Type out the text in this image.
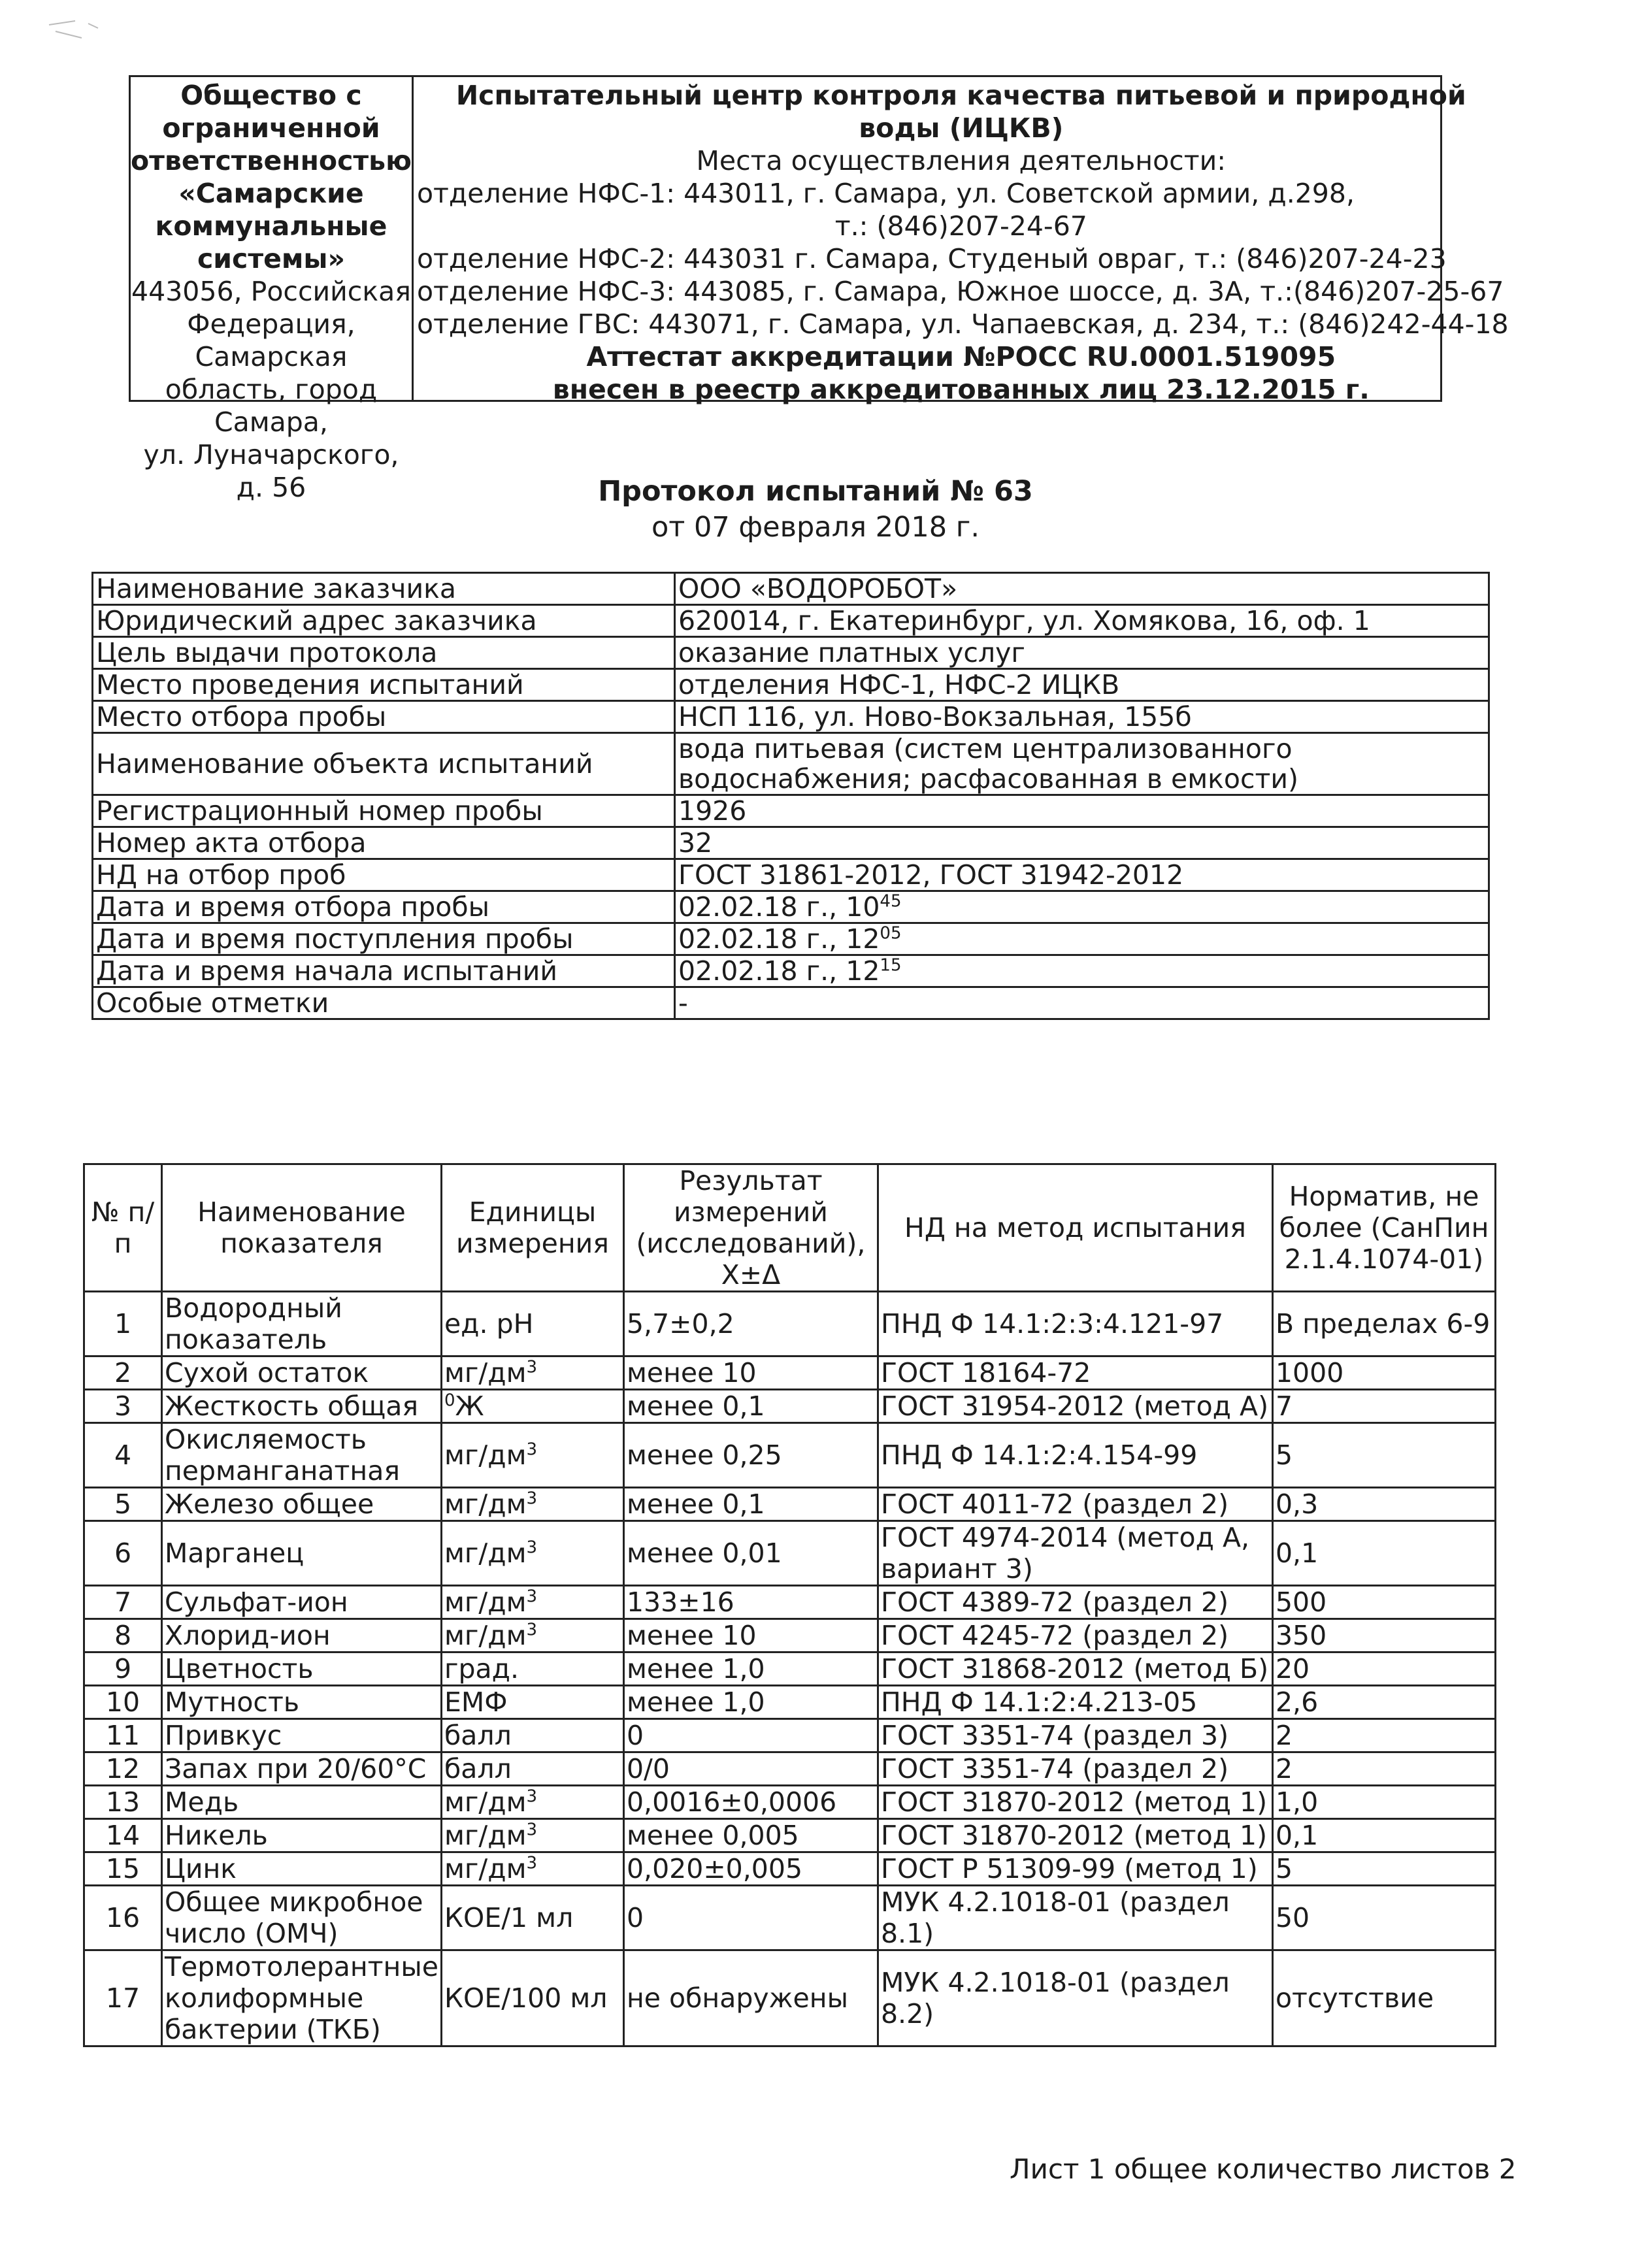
Общество с
ограниченной
ответственностью
«Самарские
коммунальные
системы»
443056, Российская
Федерация, Самарская
область, город Самара,
ул. Луначарского, д. 56
Испытательный центр контроля качества питьевой и природной
воды (ИЦКВ)
Места осуществления деятельности:
отделение НФС-1: 443011, г. Самара, ул. Советской армии, д.298,
т.: (846)207-24-67
отделение НФС-2: 443031 г. Самара, Студеный овраг, т.: (846)207-24-23
отделение НФС-3: 443085, г. Самара, Южное шоссе, д. 3А, т.:(846)207-25-67
отделение ГВС: 443071, г. Самара, ул. Чапаевская, д. 234, т.: (846)242-44-18
Аттестат аккредитации №РОСС RU.0001.519095
внесен в реестр аккредитованных лиц 23.12.2015 г.
Протокол испытаний № 63
от 07 февраля 2018 г.
Наименование заказчика	ООО «ВОДОРОБОТ»
Юридический адрес заказчика	620014, г. Екатеринбург, ул. Хомякова, 16, оф. 1
Цель выдачи протокола	оказание платных услуг
Место проведения испытаний	отделения НФС-1, НФС-2 ИЦКВ
Место отбора пробы	НСП 116, ул. Ново-Вокзальная, 155б
Наименование объекта испытаний	вода питьевая (систем централизованного водоснабжения; расфасованная в емкости)
Регистрационный номер пробы	1926
Номер акта отбора	32
НД на отбор проб	ГОСТ 31861-2012, ГОСТ 31942-2012
Дата и время отбора пробы	02.02.18 г., $10^{45}$
Дата и время поступления пробы	02.02.18 г., $12^{05}$
Дата и время начала испытаний	02.02.18 г., $12^{15}$
Особые отметки	-
№ п/п	Наименование показателя	Единицы измерения	Результат измерений (исследований), Х±Δ	НД на метод испытания	Норматив, не более (СанПин 2.1.4.1074-01)
1	Водородный показатель	ед. рН	5,7±0,2	ПНД Ф 14.1:2:3:4.121-97	В пределах 6-9
2	Сухой остаток	$мг/дм^3$	менее 10	ГОСТ 18164-72	1000
3	Жесткость общая	$^0$Ж	менее 0,1	ГОСТ 31954-2012 (метод А)	7
4	Окисляемость перманганатная	$мг/дм^3$	менее 0,25	ПНД Ф 14.1:2:4.154-99	5
5	Железо общее	$мг/дм^3$	менее 0,1	ГОСТ 4011-72 (раздел 2)	0,3
6	Марганец	$мг/дм^3$	менее 0,01	ГОСТ 4974-2014 (метод А, вариант 3)	0,1
7	Сульфат-ион	$мг/дм^3$	133±16	ГОСТ 4389-72 (раздел 2)	500
8	Хлорид-ион	$мг/дм^3$	менее 10	ГОСТ 4245-72 (раздел 2)	350
9	Цветность	град.	менее 1,0	ГОСТ 31868-2012 (метод Б)	20
10	Мутность	ЕМФ	менее 1,0	ПНД Ф 14.1:2:4.213-05	2,6
11	Привкус	балл	0	ГОСТ 3351-74 (раздел 3)	2
12	Запах при 20/60°С	балл	0/0	ГОСТ 3351-74 (раздел 2)	2
13	Медь	$мг/дм^3$	0,0016±0,0006	ГОСТ 31870-2012 (метод 1)	1,0
14	Никель	$мг/дм^3$	менее 0,005	ГОСТ 31870-2012 (метод 1)	0,1
15	Цинк	$мг/дм^3$	0,020±0,005	ГОСТ Р 51309-99 (метод 1)	5
16	Общее микробное число (ОМЧ)	КОЕ/1 мл	0	МУК 4.2.1018-01 (раздел 8.1)	50
17	Термотолерантные колиформные бактерии (ТКБ)	КОЕ/100 мл	не обнаружены	МУК 4.2.1018-01 (раздел 8.2)	отсутствие
Лист 1 общее количество листов 2
